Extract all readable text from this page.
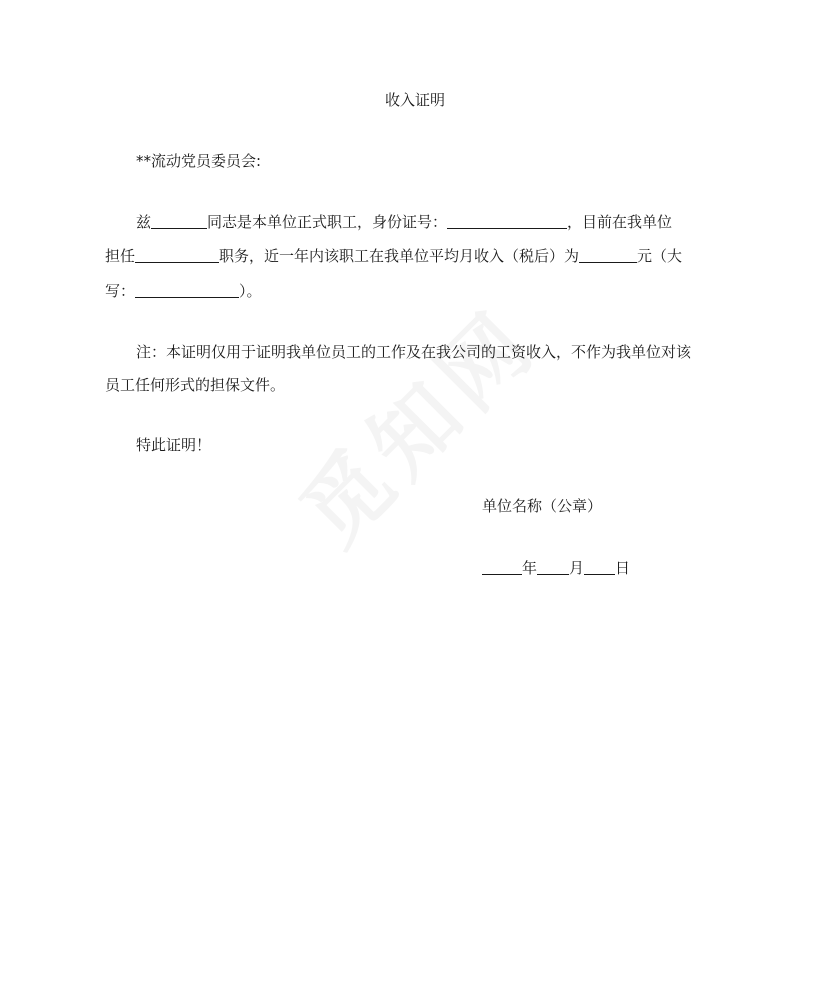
收入证明
**流动党员委员会:
兹	同志是本单位正式职工，身份证号：	，目前在我单位
担任	职务，近一年内该职工在我单位平均月收入（税后）为	元（大
写：	）。
注：本证明仅用于证明我单位员工的工作及在我公司的工资收入，不作为我单位对该
员工任何形式的担保文件。
特此证明！
单位名称（公章）
年 月 日
